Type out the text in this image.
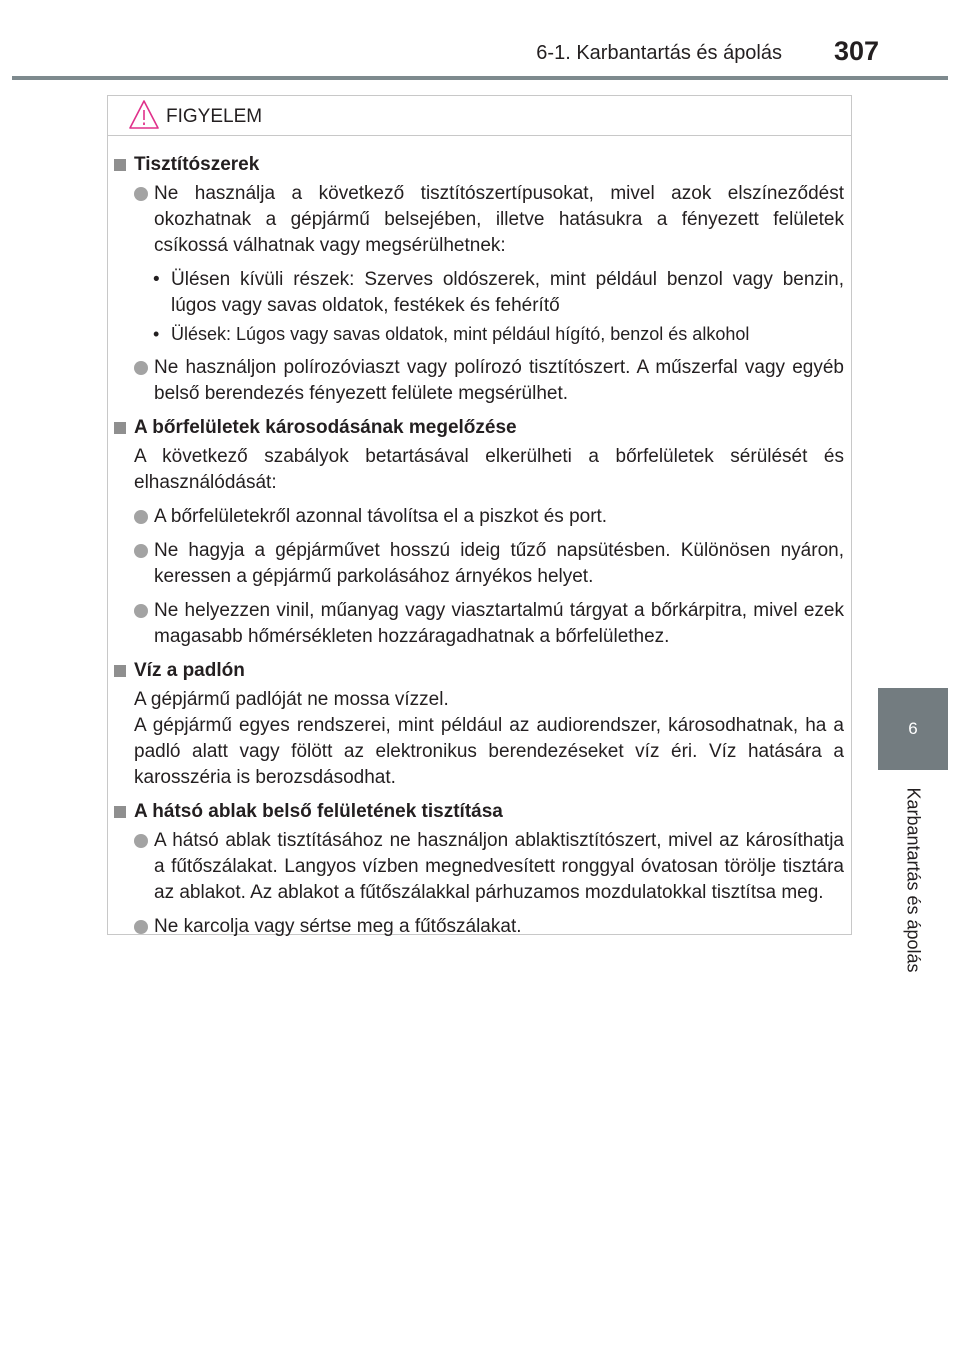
6-1. Karbantartás és ápolás 307
6
Karbantartás és ápolás
FIGYELEM
Tisztítószerek
Ne használja a következő tisztítószertípusokat, mivel azok elszíneződést okozhatnak a gépjármű belsejében, illetve hatásukra a fényezett felületek csíkossá válhatnak vagy megsérülhetnek:
• Ülésen kívüli részek: Szerves oldószerek, mint például benzol vagy benzin, lúgos vagy savas oldatok, festékek és fehérítő
• Ülések: Lúgos vagy savas oldatok, mint például hígító, benzol és alkohol
Ne használjon polírozóviaszt vagy polírozó tisztítószert. A műszerfal vagy egyéb belső berendezés fényezett felülete megsérülhet.
A bőrfelületek károsodásának megelőzése
A következő szabályok betartásával elkerülheti a bőrfelületek sérülését és elhasználódását:
A bőrfelületekről azonnal távolítsa el a piszkot és port.
Ne hagyja a gépjárművet hosszú ideig tűző napsütésben. Különösen nyáron, keressen a gépjármű parkolásához árnyékos helyet.
Ne helyezzen vinil, műanyag vagy viasztartalmú tárgyat a bőrkárpitra, mivel ezek magasabb hőmérsékleten hozzáragadhatnak a bőrfelülethez.
Víz a padlón
A gépjármű padlóját ne mossa vízzel.
A gépjármű egyes rendszerei, mint például az audiorendszer, károsodhatnak, ha a padló alatt vagy fölött az elektronikus berendezéseket víz éri. Víz hatására a karosszéria is berozsdásodhat.
A hátsó ablak belső felületének tisztítása
A hátsó ablak tisztításához ne használjon ablaktisztítószert, mivel az károsíthatja a fűtőszálakat. Langyos vízben megnedvesített ronggyal óvatosan törölje tisztára az ablakot. Az ablakot a fűtőszálakkal párhuzamos mozdulatokkal tisztítsa meg.
Ne karcolja vagy sértse meg a fűtőszálakat.
